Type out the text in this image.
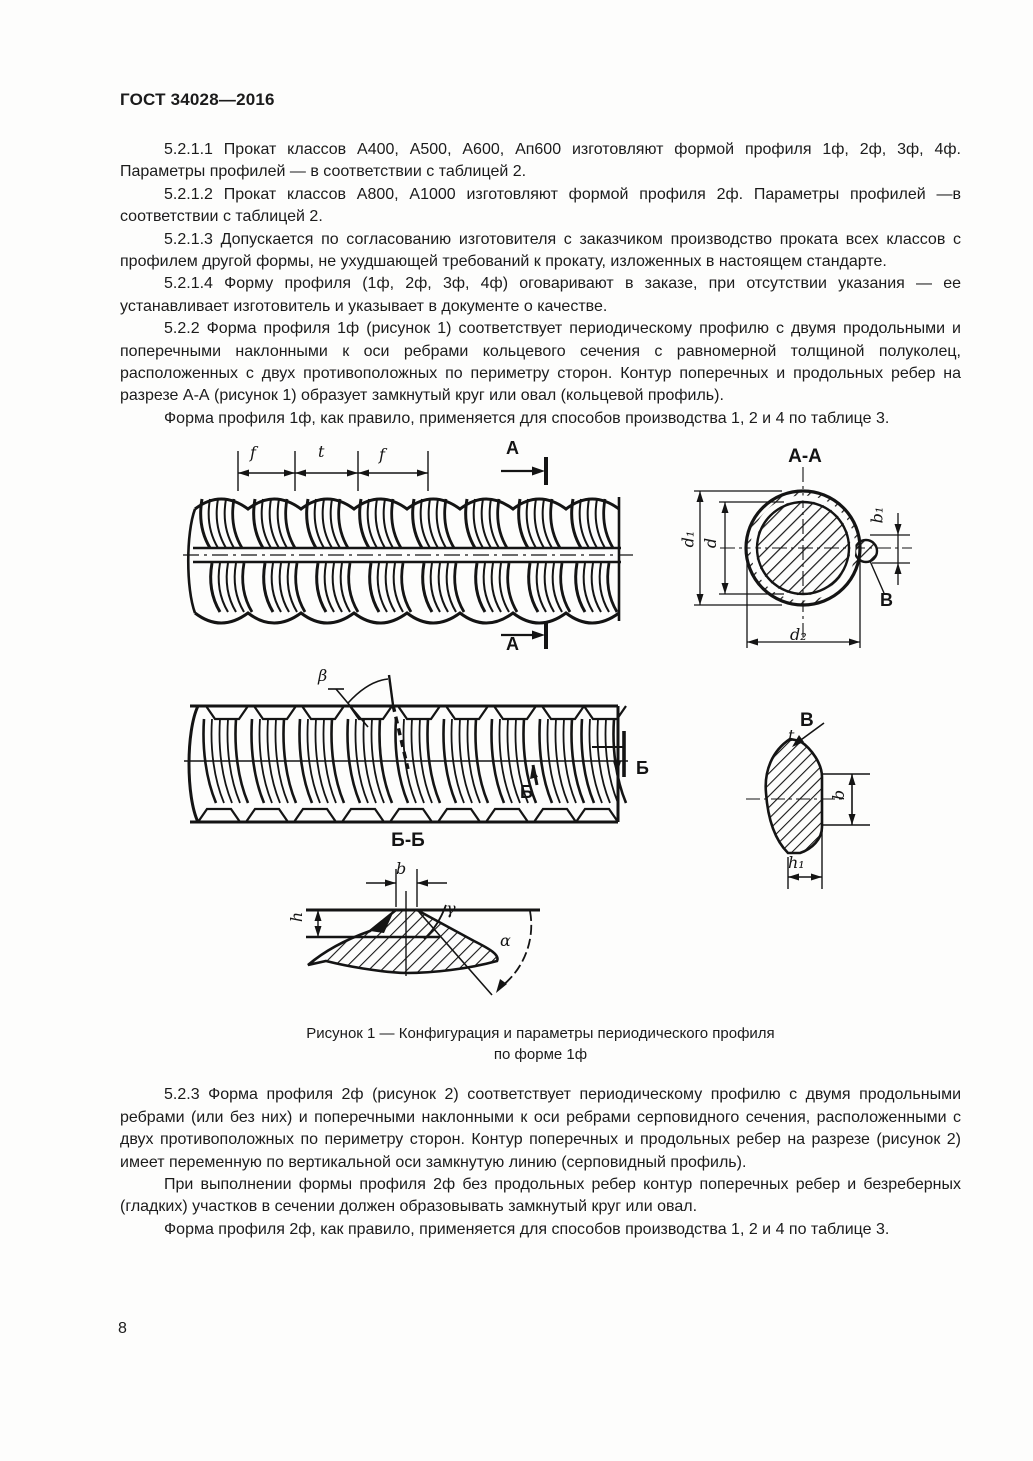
ГОСТ 34028—2016

5.2.1.1 Прокат классов А400, А500, А600, Ап600 изготовляют формой профиля 1ф, 2ф, 3ф, 4ф. Параметры профилей — в соответствии с таблицей 2.

5.2.1.2 Прокат классов А800, А1000 изготовляют формой профиля 2ф. Параметры профилей —в соответствии с таблицей 2.

5.2.1.3 Допускается по согласованию изготовителя с заказчиком производство проката всех классов с профилем другой формы, не ухудшающей требований к прокату, изложенных в настоящем стандарте.

5.2.1.4 Форму профиля (1ф, 2ф, 3ф, 4ф) оговаривают в заказе, при отсутствии указания — ее устанавливает изготовитель и указывает в документе о качестве.

5.2.2 Форма профиля 1ф (рисунок 1) соответствует периодическому профилю с двумя продольными и поперечными наклонными к оси ребрами кольцевого сечения с равномерной толщиной полуколец, расположенных с двух противоположных по периметру сторон. Контур поперечных и продольных ребер на разрезе А-А (рисунок 1) образует замкнутый круг или овал (кольцевой профиль).

Форма профиля 1ф, как правило, применяется для способов производства 1, 2 и 4 по таблице 3.

f	t	f	А
А
А-А
d₁ d
d₂
b₁
В
β
Б
Б
В
t
b
h₁
Б-Б
b
h	γ
α
Рисунок 1 — Конфигурация и параметры периодического профиля
по форме 1ф

5.2.3 Форма профиля 2ф (рисунок 2) соответствует периодическому профилю с двумя продольными ребрами (или без них) и поперечными наклонными к оси ребрами серповидного сечения, расположенными с двух противоположных по периметру сторон. Контур поперечных и продольных ребер на разрезе (рисунок 2) имеет переменную по вертикальной оси замкнутую линию (серповидный профиль).

При выполнении формы профиля 2ф без продольных ребер контур поперечных ребер и безреберных (гладких) участков в сечении должен образовывать замкнутый круг или овал.

Форма профиля 2ф, как правило, применяется для способов производства 1, 2 и 4 по таблице 3.

8
